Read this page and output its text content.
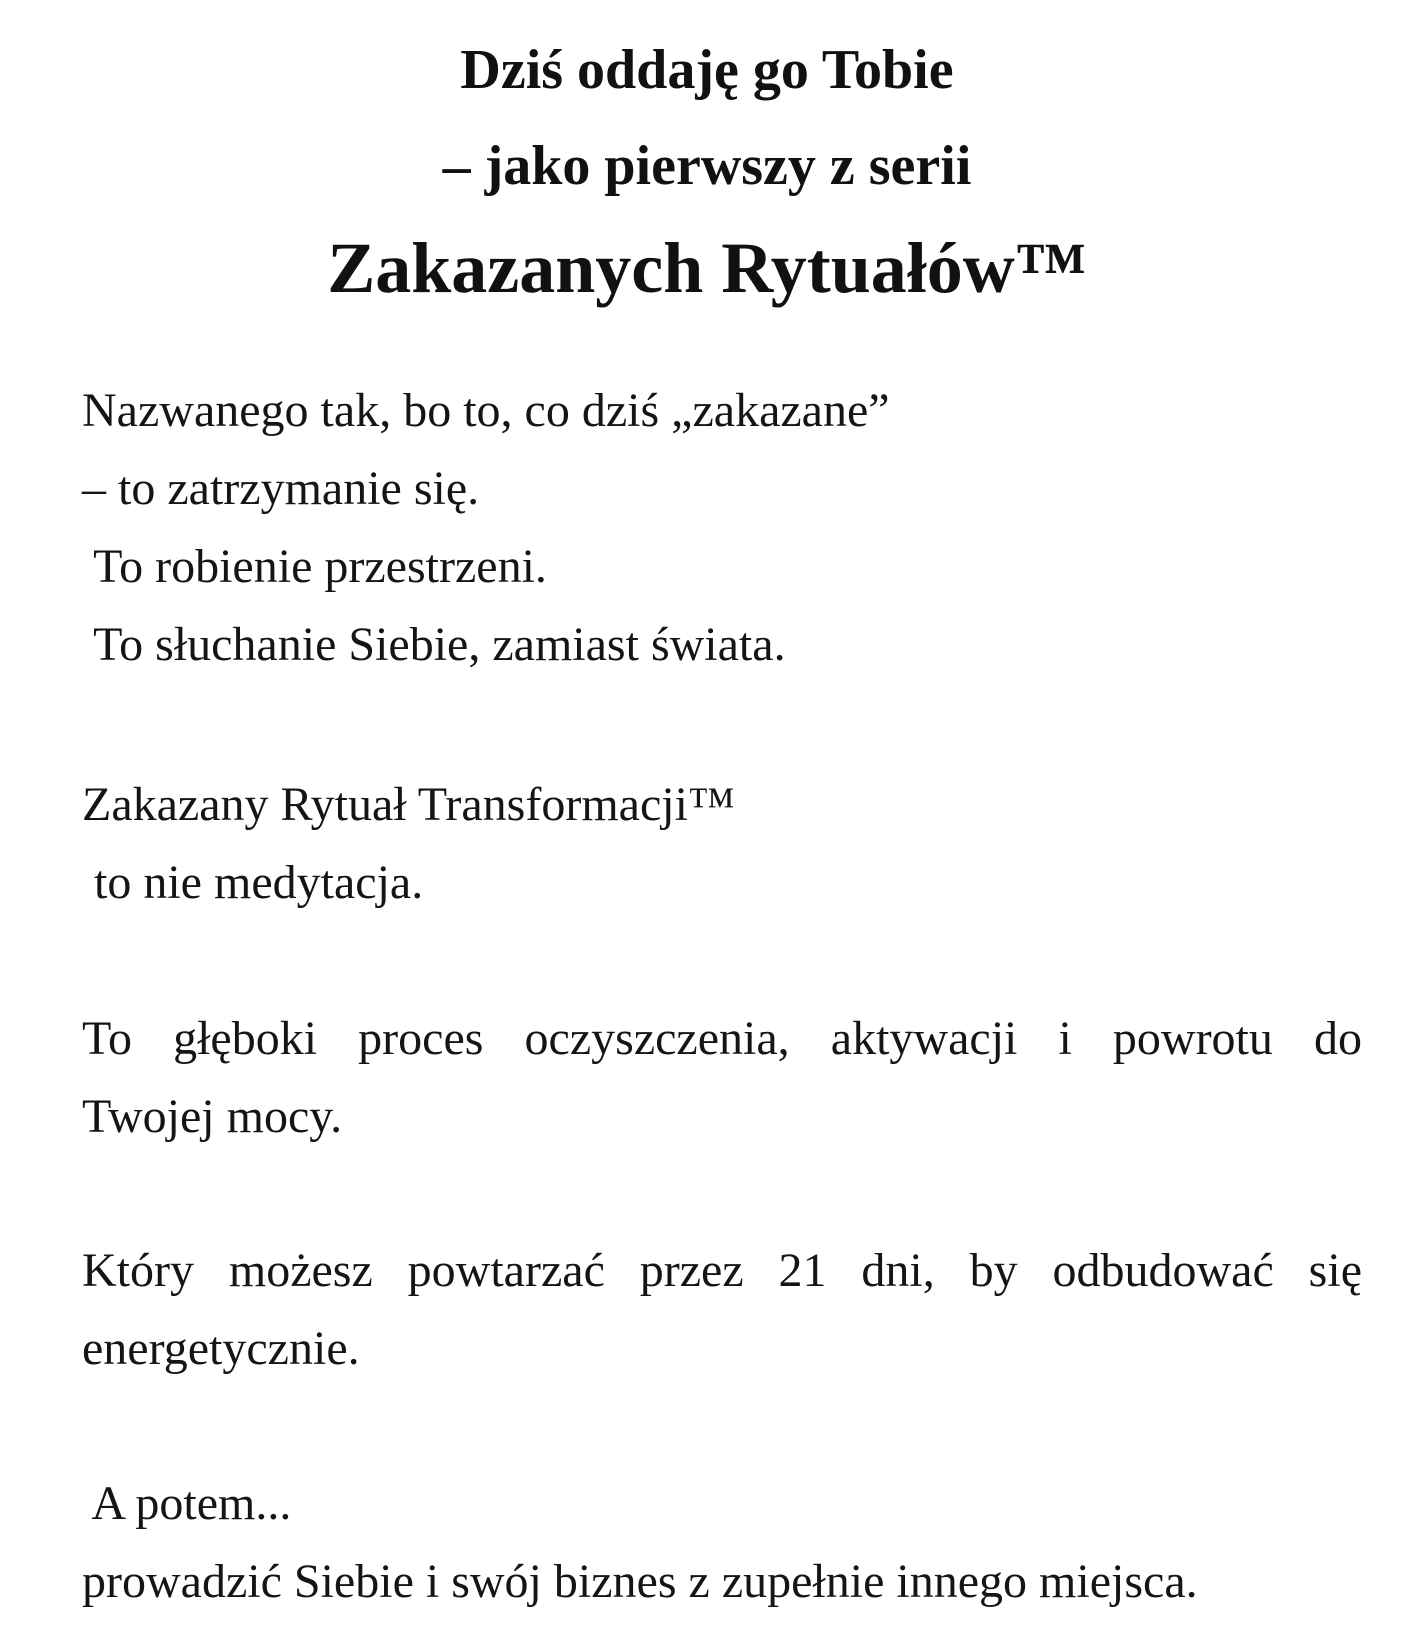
Dziś oddaję go Tobie
– jako pierwszy z serii
Zakazanych Rytuałów™
Nazwanego tak, bo to, co dziś „zakazane”
– to zatrzymanie się.
To robienie przestrzeni.
To słuchanie Siebie, zamiast świata.
Zakazany Rytuał Transformacji™
to nie medytacja.
To głęboki proces oczyszczenia, aktywacji i powrotu do
Twojej mocy.
Który możesz powtarzać przez 21 dni, by odbudować się
energetycznie.
A potem...
prowadzić Siebie i swój biznes z zupełnie innego miejsca.
